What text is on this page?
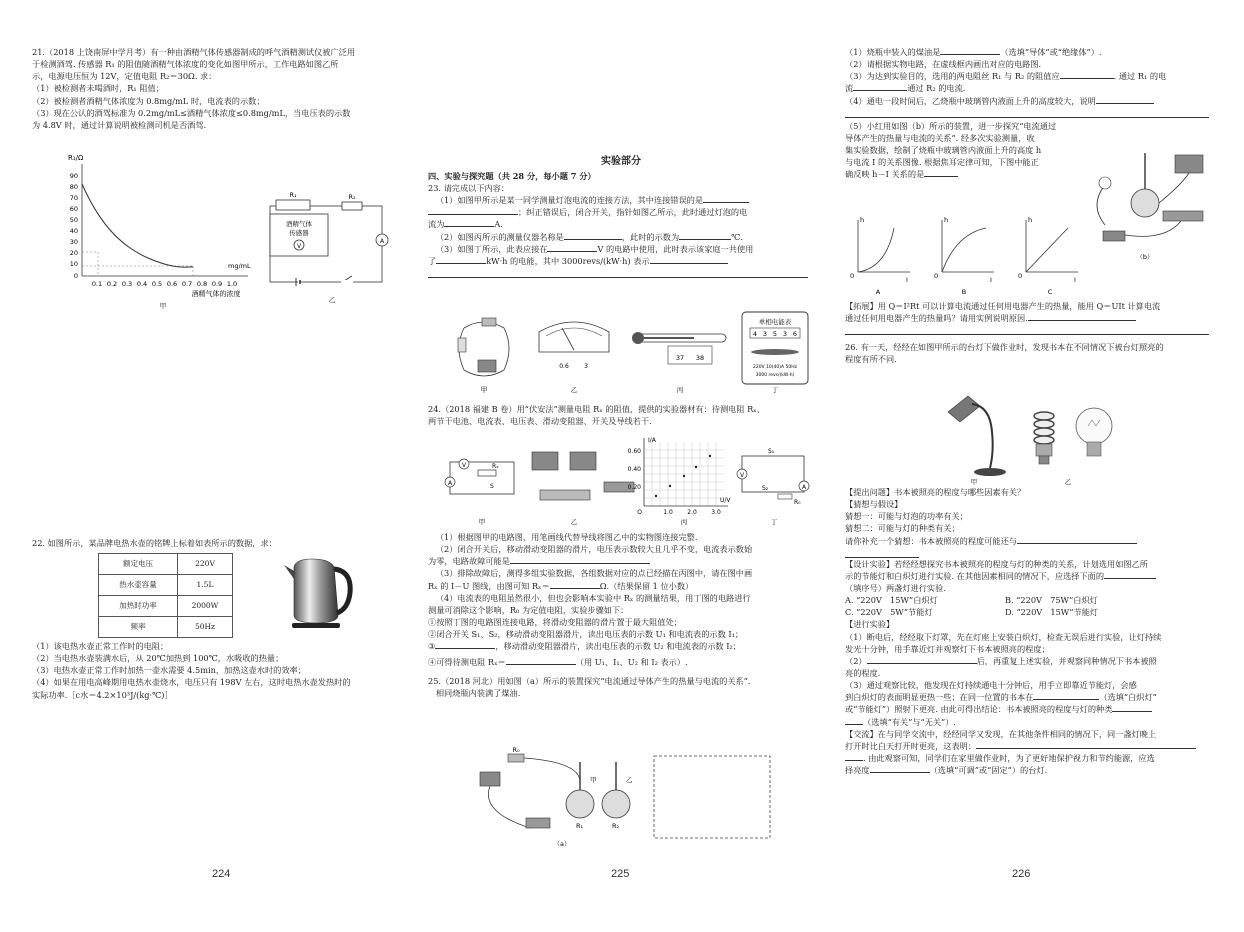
21.（2018 上饶南屏中学月考）有一种由酒精气体传感器制成的呼气酒精测试仪被广泛用

于检测酒驾. 传感器 R₁ 的阻值随酒精气体浓度的变化如图甲所示，工作电路如图乙所

示，电源电压恒为 12V，定值电阻 R₂＝30Ω. 求：

（1）被检测者未喝酒时，R₁ 阻值；

（2）被检测者酒精气体浓度为 0.8mg/mL 时，电流表的示数；

（3）现在公认的酒驾标准为 0.2mg/mL≤酒精气体浓度≤0.8mg/mL，当电压表的示数

为 4.8V 时，通过计算说明被检测司机是否酒驾.

R₁/Ω
90
80
70
60
50
40
30
20
10
0
0.1 0.2 0.3 0.4 0.5 0.6 0.7 0.8 0.9 1.0
mg/mL
酒精气体的浓度
甲
R₁	R₂
酒精气体
传感器
V
A
乙

22. 如图所示，某品牌电热水壶的铭牌上标着如表所示的数据，求：

额定电压	220V
热水壶容量	1.5L
加热时功率	2000W
频率	50Hz

（1）该电热水壶正常工作时的电阻；

（2）当电热水壶装满水后，从 20℃加热到 100℃，水吸收的热量；

（3）电热水壶正常工作时加热一壶水需要 4.5min，加热这壶水时的效率；

（4）如果在用电高峰期用电热水壶烧水，电压只有 198V 左右，这时电热水壶发热时的

实际功率.［c水＝4.2×10³J/(kg·℃)］

实验部分

四、实验与探究题（共 28 分，每小题 7 分）

23. 请完成以下内容：

（1）如图甲所示是某一同学测量灯泡电流的连接方法，其中连接错误的是

；纠正错误后，闭合开关，指针如图乙所示，此时通过灯泡的电

流为	A.

（2）如图丙所示的测量仪器名称是	，此时的示数为	℃.

（3）如图丁所示，此表应接在	V 的电路中使用，此时表示该家庭一共使用

了	kW·h 的电能，其中 3000revs/(kW·h) 表示

甲
0.6	3
乙
37 38
丙
单相电能表
4 3 5 3 6
220V 10(40)A 50Hz
3000 revs/(kW·h)
丁

24.（2018 福建 B 卷）用“伏安法”测量电阻 Rₓ 的阻值，提供的实验器材有：待测电阻 Rₓ、

两节干电池、电流表、电压表、滑动变阻器、开关及导线若干.

V
A
Rₓ
S
甲	乙
I/A
0.60
0.40
0.20
O	1.0 2.0 3.0
U/V
丙
V
A
S₁
S₂
R₀
丁

（1）根据图甲的电路图，用笔画线代替导线将图乙中的实物图连接完整.

（2）闭合开关后，移动滑动变阻器的滑片，电压表示数较大且几乎不变，电流表示数始

为零，电路故障可能是

（3）排除故障后，测得多组实验数据，各组数据对应的点已经描在丙图中，请在图中画

Rₓ 的 I－U 图线，由图可知 Rₓ＝	Ω.（结果保留 1 位小数）

（4）电流表的电阻虽然很小，但也会影响本实验中 Rₓ 的测量结果，用丁图的电路进行

测量可消除这个影响，R₀ 为定值电阻，实验步骤如下：

①按照丁图的电路图连接电路，将滑动变阻器的滑片置于最大阻值处；

②闭合开关 S₁、S₂，移动滑动变阻器滑片，读出电压表的示数 U₁ 和电流表的示数 I₁；

③	，移动滑动变阻器滑片，读出电压表的示数 U₂ 和电流表的示数 I₂；

④可得待测电阻 Rₓ＝	（用 U₁、I₁、U₂ 和 I₂ 表示）.

25.（2018 河北）用如图（a）所示的装置探究“电流通过导体产生的热量与电流的关系”.

相同烧瓶内装满了煤油.

R₀
甲	乙
R₁	R₂
（a）

（1）烧瓶中装入的煤油是	（选填“导体”或“绝缘体”）.

（2）请根据实物电路，在虚线框内画出对应的电路图.

（3）为达到实验目的，选用的两电阻丝 R₁ 与 R₂ 的阻值应	. 通过 R₁ 的电

流	通过 R₂ 的电流.

（4）通电一段时间后，乙烧瓶中玻璃管内液面上升的高度较大，说明

（5）小红用如图（b）所示的装置，进一步探究“电流通过

导体产生的热量与电流的关系”. 经多次实验测量，收

集实验数据，绘制了烧瓶中玻璃管内液面上升的高度 h

与电流 I 的关系图像. 根据焦耳定律可知，下图中能正

确反映 h－I 关系的是

（b）
h	h	h
I	I	I
0	0	0
A	B	C

【拓展】用 Q＝I²Rt 可以计算电流通过任何用电器产生的热量，能用 Q＝UIt 计算电流

通过任何用电器产生的热量吗？请用实例说明原因.

26. 有一天，经经在如图甲所示的台灯下做作业时，发现书本在不同情况下被台灯照亮的

程度有所不同.

甲	乙

【提出问题】书本被照亮的程度与哪些因素有关？

【猜想与假设】

猜想一：可能与灯泡的功率有关；

猜想二：可能与灯的种类有关；

请你补充一个猜想：书本被照亮的程度可能还与

【设计实验】若经经想探究书本被照亮的程度与灯的种类的关系，计划选用如图乙所

示的节能灯和白炽灯进行实验. 在其他因素相同的情况下，应选择下面的

（填序号）两盏灯进行实验.

A. “220V　15W”白炽灯	B. “220V　75W”白炽灯

C. “220V　5W”节能灯	D. “220V　15W”节能灯

【进行实验】

（1）断电后，经经取下灯罩，先在灯座上安装白炽灯，检查无误后进行实验，让灯持续

发光十分钟，用手靠近灯并观察灯下书本被照亮的程度；

（2）	后，再重复上述实验，并观察同种情况下书本被照

亮的程度.

（3）通过观察比较，他发现在灯持续通电十分钟后，用手立即靠近节能灯，会感

到白炽灯的表面明显更热一些；在同一位置的书本在	（选填“白炽灯”

或“节能灯”）照射下更亮. 由此可得出结论：书本被照亮的程度与灯的种类

（选填“有关”与“无关”）.

【交流】在与同学交流中，经经同学又发现，在其他条件相同的情况下，同一盏灯晚上

打开时比白天打开时更亮，这表明：

. 由此观察可知，同学们在家里做作业时，为了更好地保护视力和节约能源，应选

择亮度	（选填“可调”或“固定”）的台灯.

224	225	226
